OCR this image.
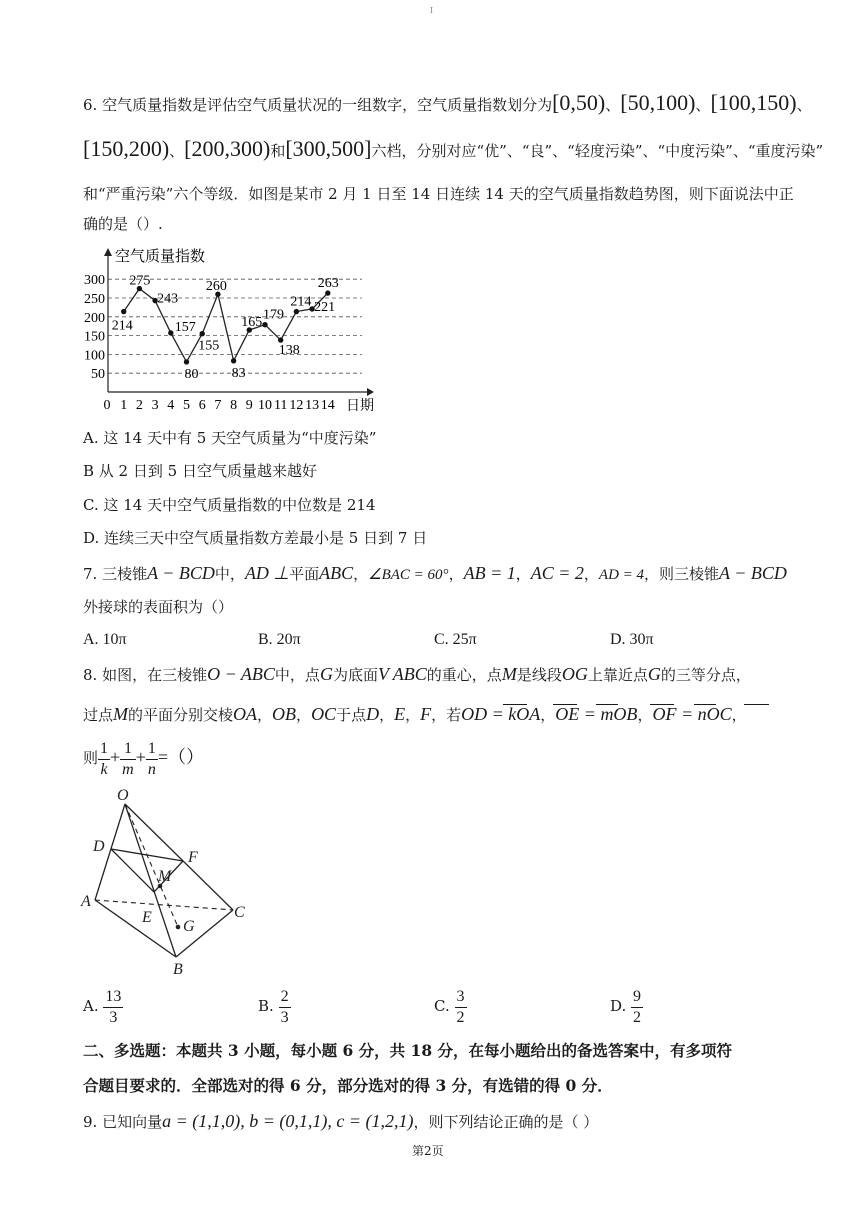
I
6. 空气质量指数是评估空气质量状况的一组数字，空气质量指数划分为[0,50)、[50,100)、[100,150)、
[150,200)、[200,300)和[300,500]六档，分别对应“优”、“良”、“轻度污染”、“中度污染”、“重度污染”
和“严重污染”六个等级．如图是某市 2 月 1 日至 14 日连续 14 天的空气质量指数趋势图，则下面说法中正
确的是（）.
空气质量指数
日期
50
100
150
200
250
300
0 1 2 3 4 5 6 7 8 9 10 11 12 13 14
214
275
243
157
80
155
260
83
165 179
138
214 221
263
A. 这 14 天中有 5 天空气质量为“中度污染”
B 从 2 日到 5 日空气质量越来越好
C. 这 14 天中空气质量指数的中位数是 214
D. 连续三天中空气质量指数方差最小是 5 日到 7 日
7. 三棱锥A − BCD中，AD ⊥平面ABC，∠BAC = 60°，AB = 1，AC = 2，AD = 4，则三棱锥A − BCD
外接球的表面积为（）
A. 10π	B. 20π	C. 25π	D. 30π
8. 如图，在三棱锥O − ABC中，点G为底面V ABC的重心，点M是线段OG上靠近点G的三等分点，
过点M的平面分别交棱OA，OB，OC于点D，E，F，若OD = kOA，OE = mOB，OF = nOC，
则 $\frac{1}{k} + \frac{1}{m} + \frac{1}{n}$ =（）
O
D
F
M
A
E	C
G
B
A. $\frac{13}{3}$	B. $\frac{2}{3}$	C. $\frac{3}{2}$	D. $\frac{9}{2}$
二、多选题：本题共 3 小题，每小题 6 分，共 18 分，在每小题给出的备选答案中，有多项符
合题目要求的．全部选对的得 6 分，部分选对的得 3 分，有选错的得 0 分．
9. 已知向量a = (1,1,0), b = (0,1,1), c = (1,2,1)，则下列结论正确的是（ ）
第2页
